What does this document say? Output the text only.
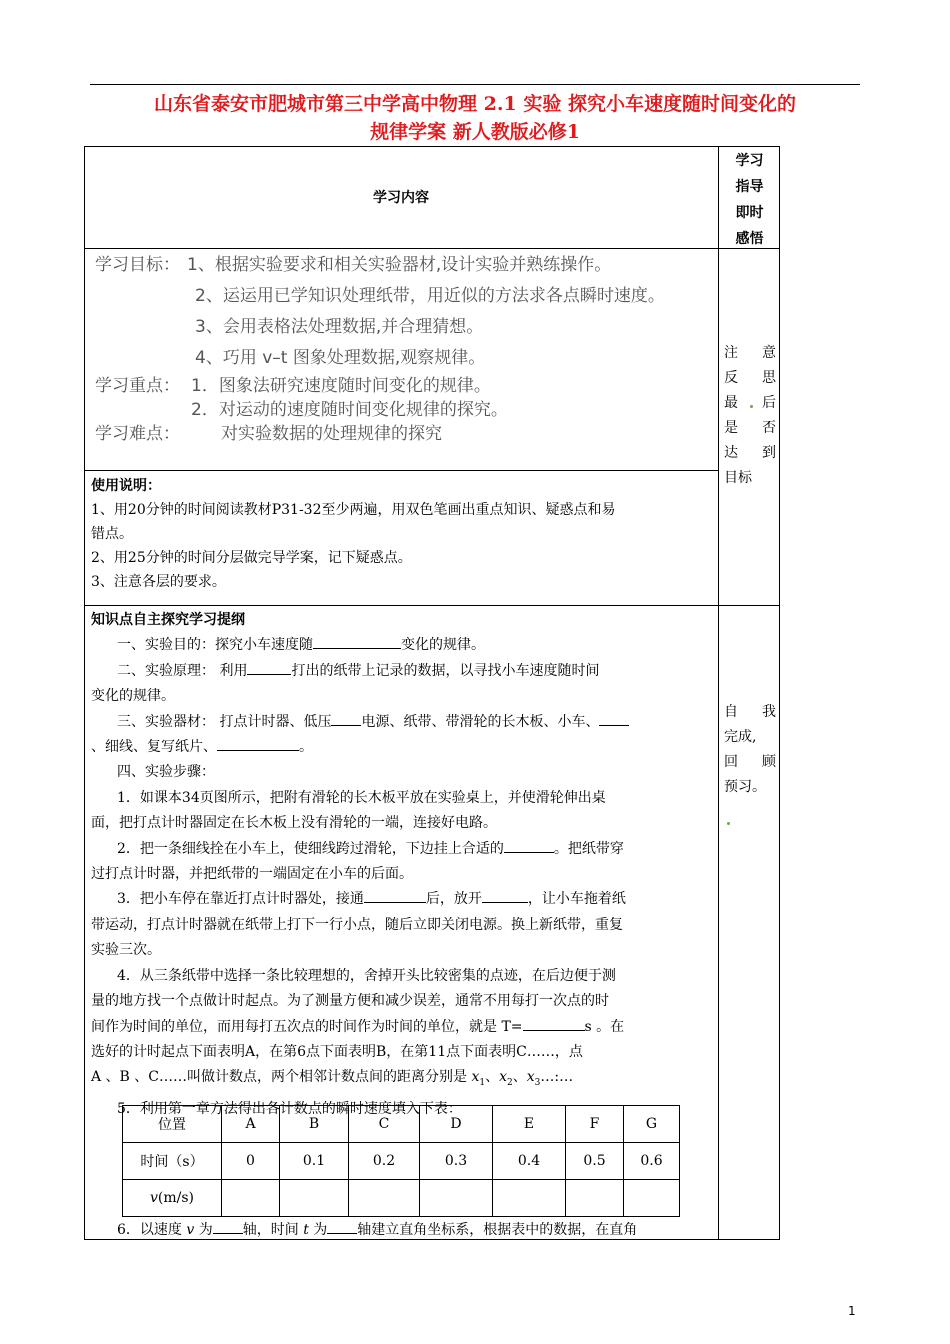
山东省泰安市肥城市第三中学高中物理 2.1 实验 探究小车速度随时间变化的
规律学案 新人教版必修1
学习内容
学习
指导
即时
感悟
学习目标： 1、根据实验要求和相关实验器材,设计实验并熟练操作。
2、运运用已学知识处理纸带，用近似的方法求各点瞬时速度。
3、会用表格法处理数据,并合理猜想。
4、巧用 v–t 图象处理数据,观察规律。
学习重点： 1．图象法研究速度随时间变化的规律。
2．对运动的速度随时间变化规律的探究。
学习难点： 对实验数据的处理规律的探究
注 意
反 思
最 后
是 否
达 到
目标
使用说明：
1、用20分钟的时间阅读教材P31-32至少两遍，用双色笔画出重点知识、疑惑点和易
错点。
2、用25分钟的时间分层做完导学案，记下疑惑点。
3、注意各层的要求。
自 我
完成,
回 顾
预习。

知识点自主探究学习提纲

一、实验目的：探究小车速度随	变化的规律。

二、实验原理： 利用	打出的纸带上记录的数据，以寻找小车速度随时间

变化的规律。

三、实验器材： 打点计时器、低压 电源、纸带、带滑轮的长木板、小车、

、细线、复写纸片、	。

四、实验步骤：

1．如课本34页图所示，把附有滑轮的长木板平放在实验桌上，并使滑轮伸出桌

面，把打点计时器固定在长木板上没有滑轮的一端，连接好电路。

2．把一条细线拴在小车上，使细线跨过滑轮，下边挂上合适的	。把纸带穿

过打点计时器，并把纸带的一端固定在小车的后面。

3．把小车停在靠近打点计时器处，接通	后，放开	，让小车拖着纸

带运动，打点计时器就在纸带上打下一行小点，随后立即关闭电源。换上新纸带，重复

实验三次。

4．从三条纸带中选择一条比较理想的，舍掉开头比较密集的点迹，在后边便于测

量的地方找一个点做计时起点。为了测量方便和减少误差，通常不用每打一次点的时

间作为时间的单位，而用每打五次点的时间作为时间的单位，就是 T=	s 。在

选好的计时起点下面表明A，在第6点下面表明B，在第11点下面表明C……，点

A 、B 、C……叫做计数点，两个相邻计数点间的距离分别是 $x_1$、$x_2$、$x_3\dots:\dots$

5．利用第一章方法得出各计数点的瞬时速度填入下表：

位置	A	B	C	D	E	F	G
时间（s）	0	0.1	0.2	0.3	0.4	0.5	0.6
v(m/s)							

6．以速度 v 为 轴，时间 t 为 轴建立直角坐标系，根据表中的数据，在直角

1
